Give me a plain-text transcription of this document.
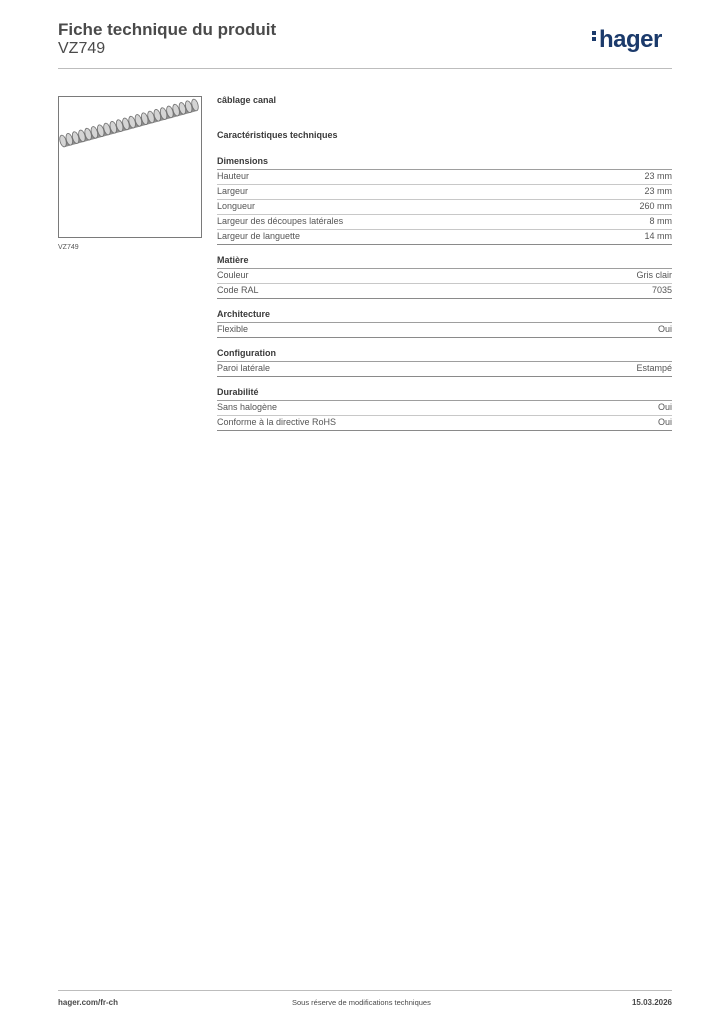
Fiche technique du produit
VZ749	hager
VZ749
câblage canal
Caractéristiques techniques
Dimensions
Hauteur	23 mm
Largeur	23 mm
Longueur	260 mm
Largeur des découpes latérales	8 mm
Largeur de languette	14 mm
Matière
Couleur	Gris clair
Code RAL	7035
Architecture
Flexible	Oui
Configuration
Paroi latérale	Estampé
Durabilité
Sans halogène	Oui
Conforme à la directive RoHS	Oui
hager.com/fr-ch	Sous réserve de modifications techniques	15.03.2026
